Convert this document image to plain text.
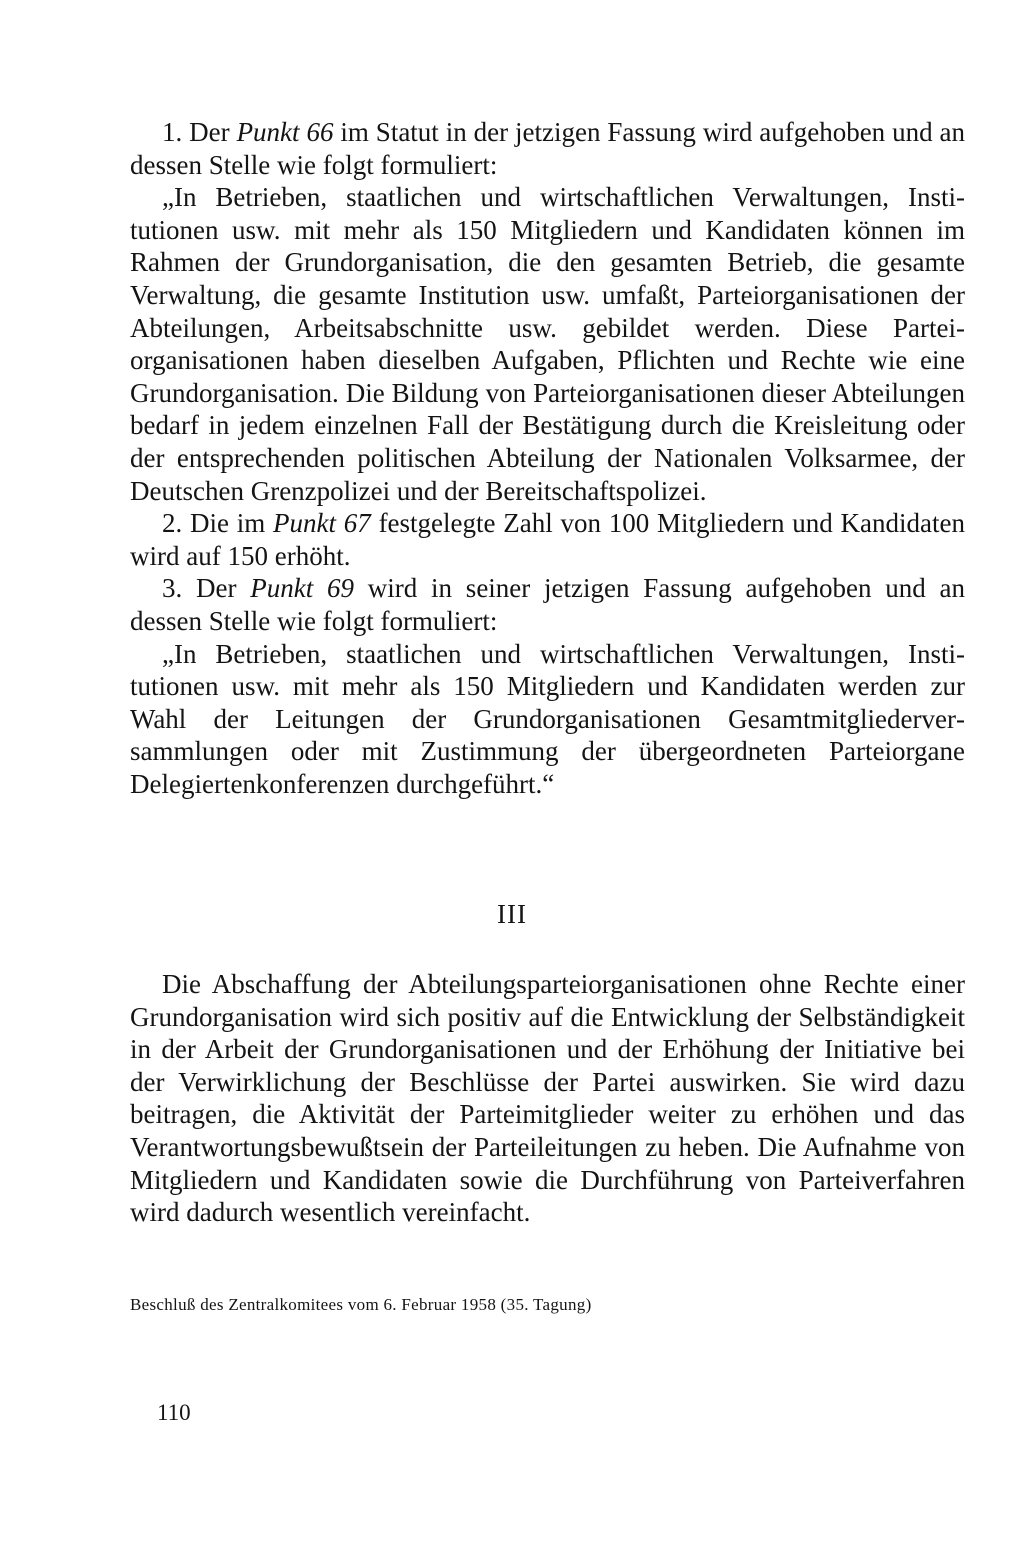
1. Der Punkt 66 im Statut in der jetzigen Fassung wird aufgehoben und an dessen Stelle wie folgt formuliert:

„In Betrieben, staatlichen und wirtschaftlichen Verwaltungen, Institutionen usw. mit mehr als 150 Mitgliedern und Kandidaten können im Rahmen der Grundorganisation, die den gesamten Betrieb, die gesamte Verwaltung, die gesamte Institution usw. umfaßt, Parteiorganisationen der Abteilungen, Arbeitsabschnitte usw. gebildet werden. Diese Parteiorganisationen haben dieselben Aufgaben, Pflichten und Rechte wie eine Grundorganisation. Die Bildung von Parteiorganisationen dieser Abteilungen bedarf in jedem einzelnen Fall der Bestätigung durch die Kreisleitung oder der entsprechenden politischen Abteilung der Nationalen Volksarmee, der Deutschen Grenzpolizei und der Bereitschaftspolizei.

2. Die im Punkt 67 festgelegte Zahl von 100 Mitgliedern und Kandidaten wird auf 150 erhöht.

3. Der Punkt 69 wird in seiner jetzigen Fassung aufgehoben und an dessen Stelle wie folgt formuliert:

„In Betrieben, staatlichen und wirtschaftlichen Verwaltungen, Institutionen usw. mit mehr als 150 Mitgliedern und Kandidaten werden zur Wahl der Leitungen der Grundorganisationen Gesamtmitgliederversammlungen oder mit Zustimmung der übergeordneten Parteiorgane Delegiertenkonferenzen durchgeführt.“

III

Die Abschaffung der Abteilungsparteiorganisationen ohne Rechte einer Grundorganisation wird sich positiv auf die Entwicklung der Selbständigkeit in der Arbeit der Grundorganisationen und der Erhöhung der Initiative bei der Verwirklichung der Beschlüsse der Partei auswirken. Sie wird dazu beitragen, die Aktivität der Parteimitglieder weiter zu erhöhen und das Verantwortungsbewußtsein der Parteileitungen zu heben. Die Aufnahme von Mitgliedern und Kandidaten sowie die Durchführung von Parteiverfahren wird dadurch wesentlich vereinfacht.

Beschluß des Zentralkomitees vom 6. Februar 1958 (35. Tagung)
110
